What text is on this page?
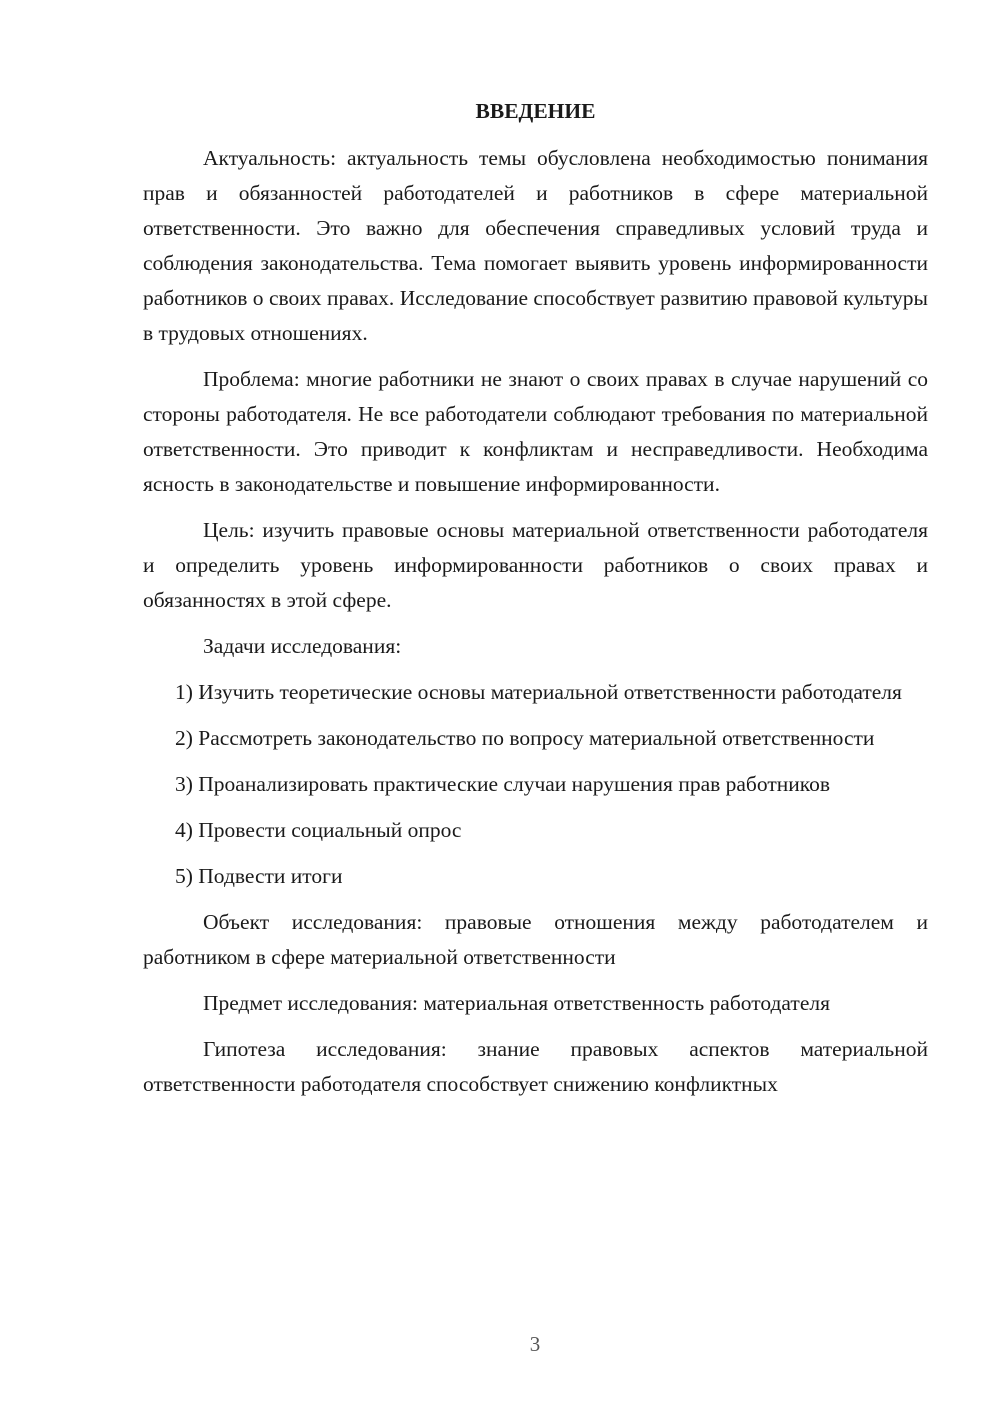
ВВЕДЕНИЕ

Актуальность: актуальность темы обусловлена необходимостью понимания прав и обязанностей работодателей и работников в сфере материальной ответственности. Это важно для обеспечения справедливых условий труда и соблюдения законодательства. Тема помогает выявить уровень информированности работников о своих правах. Исследование способствует развитию правовой культуры в трудовых отношениях.

Проблема: многие работники не знают о своих правах в случае нарушений со стороны работодателя. Не все работодатели соблюдают требования по материальной ответственности. Это приводит к конфликтам и несправедливости. Необходима ясность в законодательстве и повышение информированности.

Цель: изучить правовые основы материальной ответственности работодателя и определить уровень информированности работников о своих правах и обязанностях в этой сфере.

Задачи исследования:

1) Изучить теоретические основы материальной ответственности работодателя

2) Рассмотреть законодательство по вопросу материальной ответственности

3) Проанализировать практические случаи нарушения прав работников

4) Провести социальный опрос

5) Подвести итоги

Объект исследования: правовые отношения между работодателем и работником в сфере материальной ответственности

Предмет исследования: материальная ответственность работодателя

Гипотеза исследования: знание правовых аспектов материальной ответственности работодателя способствует снижению конфликтных

3
